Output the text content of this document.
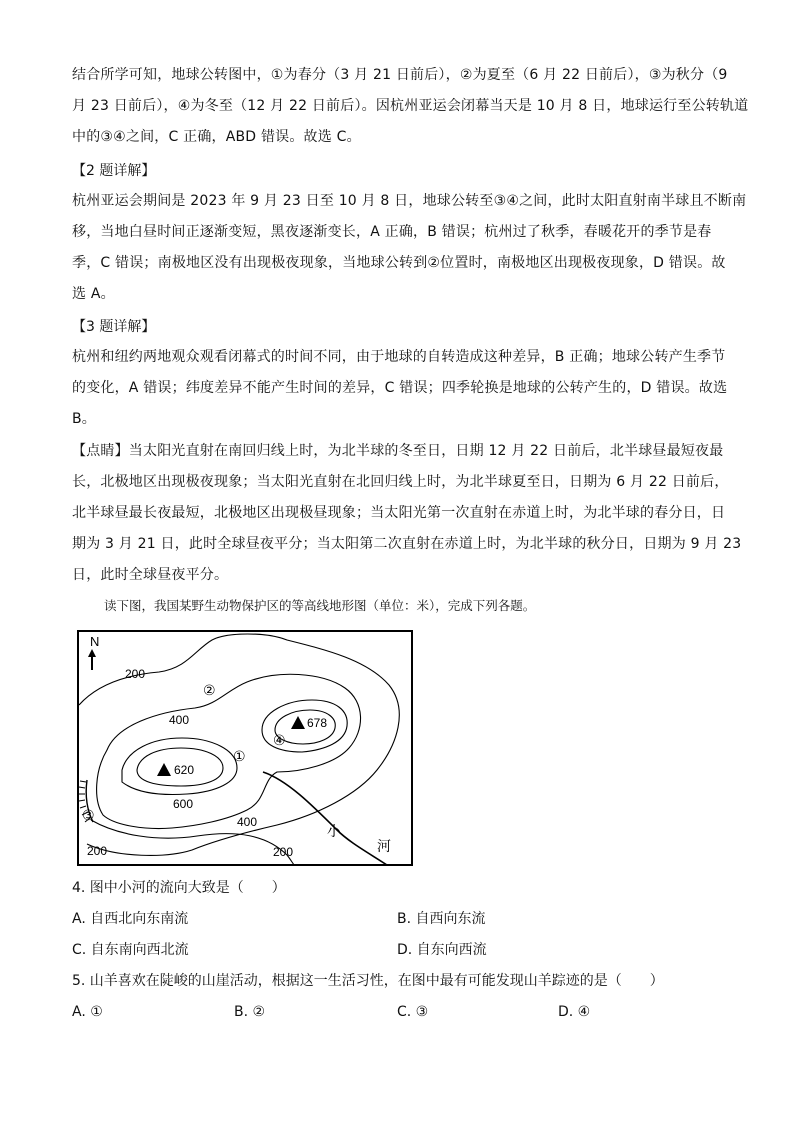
结合所学可知，地球公转图中，①为春分（3 月 21 日前后），②为夏至（6 月 22 日前后），③为秋分（9
月 23 日前后），④为冬至（12 月 22 日前后）。因杭州亚运会闭幕当天是 10 月 8 日，地球运行至公转轨道
中的③④之间，C 正确，ABD 错误。故选 C。
【2 题详解】
杭州亚运会期间是 2023 年 9 月 23 日至 10 月 8 日，地球公转至③④之间，此时太阳直射南半球且不断南
移，当地白昼时间正逐渐变短，黑夜逐渐变长，A 正确，B 错误；杭州过了秋季，春暖花开的季节是春
季，C 错误；南极地区没有出现极夜现象，当地球公转到②位置时，南极地区出现极夜现象，D 错误。故
选 A。
【3 题详解】
杭州和纽约两地观众观看闭幕式的时间不同，由于地球的自转造成这种差异，B 正确；地球公转产生季节
的变化，A 错误；纬度差异不能产生时间的差异，C 错误；四季轮换是地球的公转产生的，D 错误。故选
B。
【点睛】当太阳光直射在南回归线上时，为北半球的冬至日，日期 12 月 22 日前后，北半球昼最短夜最
长，北极地区出现极夜现象；当太阳光直射在北回归线上时，为北半球夏至日，日期为 6 月 22 日前后，
北半球昼最长夜最短，北极地区出现极昼现象；当太阳光第一次直射在赤道上时，为北半球的春分日，日
期为 3 月 21 日，此时全球昼夜平分；当太阳第二次直射在赤道上时，为北半球的秋分日，日期为 9 月 23
日，此时全球昼夜平分。
读下图，我国某野生动物保护区的等高线地形图（单位：米），完成下列各题。
N
200
400
600
400
200	200
620
678
①
②
③
④
小
河
4. 图中小河的流向大致是（　　）
A. 自西北向东南流	B. 自西向东流
C. 自东南向西北流	D. 自东向西流
5. 山羊喜欢在陡峻的山崖活动，根据这一生活习性，在图中最有可能发现山羊踪迹的是（　　）
A. ①	B. ②	C. ③	D. ④
